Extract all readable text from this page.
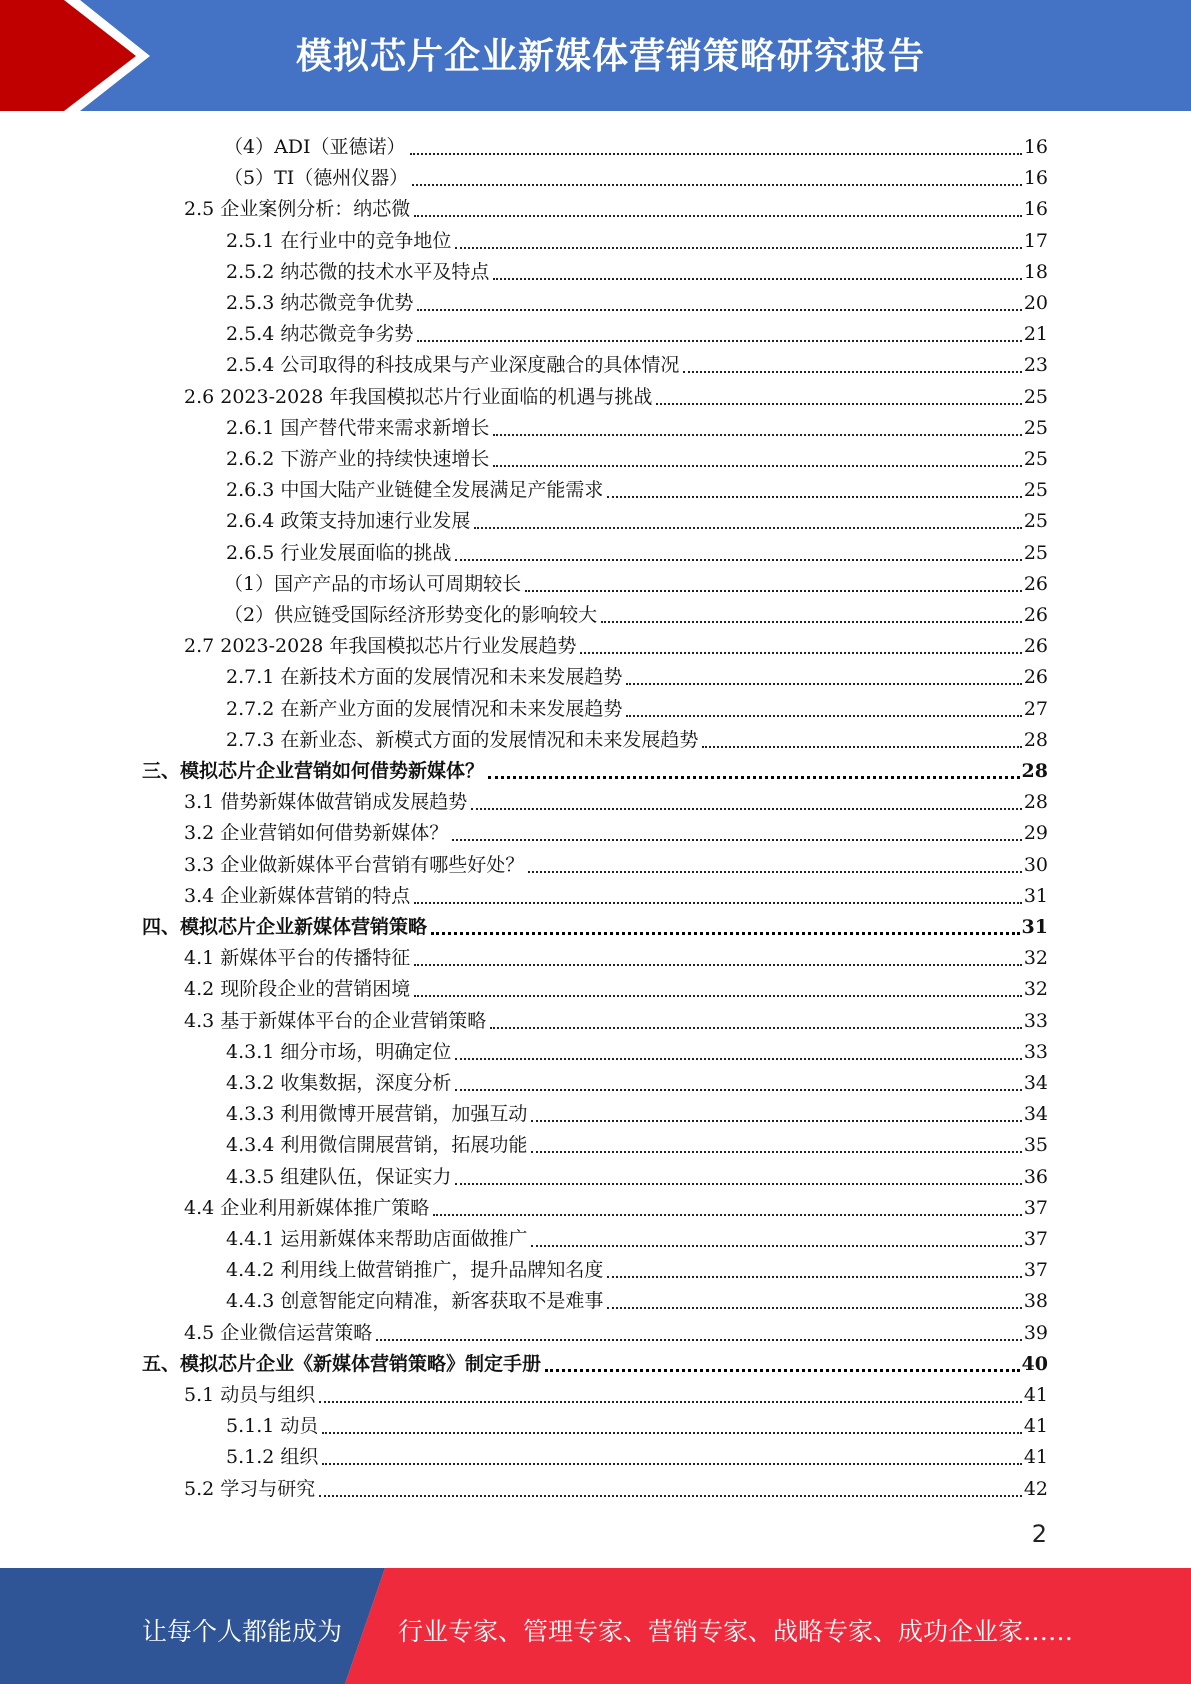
模拟芯片企业新媒体营销策略研究报告
（4）ADI（亚德诺）	16
（5）TI（德州仪器）	16
2.5 企业案例分析：纳芯微	16
2.5.1 在行业中的竞争地位	17
2.5.2 纳芯微的技术水平及特点	18
2.5.3 纳芯微竞争优势	20
2.5.4 纳芯微竞争劣势	21
2.5.4 公司取得的科技成果与产业深度融合的具体情况	23
2.6 2023-2028 年我国模拟芯片行业面临的机遇与挑战	25
2.6.1 国产替代带来需求新增长	25
2.6.2 下游产业的持续快速增长	25
2.6.3 中国大陆产业链健全发展满足产能需求	25
2.6.4 政策支持加速行业发展	25
2.6.5 行业发展面临的挑战	25
（1）国产产品的市场认可周期较长	26
（2）供应链受国际经济形势变化的影响较大	26
2.7 2023-2028 年我国模拟芯片行业发展趋势	26
2.7.1 在新技术方面的发展情况和未来发展趋势	26
2.7.2 在新产业方面的发展情况和未来发展趋势	27
2.7.3 在新业态、新模式方面的发展情况和未来发展趋势	28
三、模拟芯片企业营销如何借势新媒体？	28
3.1 借势新媒体做营销成发展趋势	28
3.2 企业营销如何借势新媒体？	29
3.3 企业做新媒体平台营销有哪些好处？	30
3.4 企业新媒体营销的特点	31
四、模拟芯片企业新媒体营销策略	31
4.1 新媒体平台的传播特征	32
4.2 现阶段企业的营销困境	32
4.3 基于新媒体平台的企业营销策略	33
4.3.1 细分市场，明确定位	33
4.3.2 收集数据，深度分析	34
4.3.3 利用微博开展营销，加强互动	34
4.3.4 利用微信開展营销，拓展功能	35
4.3.5 组建队伍，保证实力	36
4.4 企业利用新媒体推广策略	37
4.4.1 运用新媒体来帮助店面做推广	37
4.4.2 利用线上做营销推广，提升品牌知名度	37
4.4.3 创意智能定向精准，新客获取不是难事	38
4.5 企业微信运营策略	39
五、模拟芯片企业《新媒体营销策略》制定手册	40
5.1 动员与组织	41
5.1.1 动员	41
5.1.2 组织	41
5.2 学习与研究	42
2
让每个人都能成为 行业专家、管理专家、营销专家、战略专家、成功企业家……
